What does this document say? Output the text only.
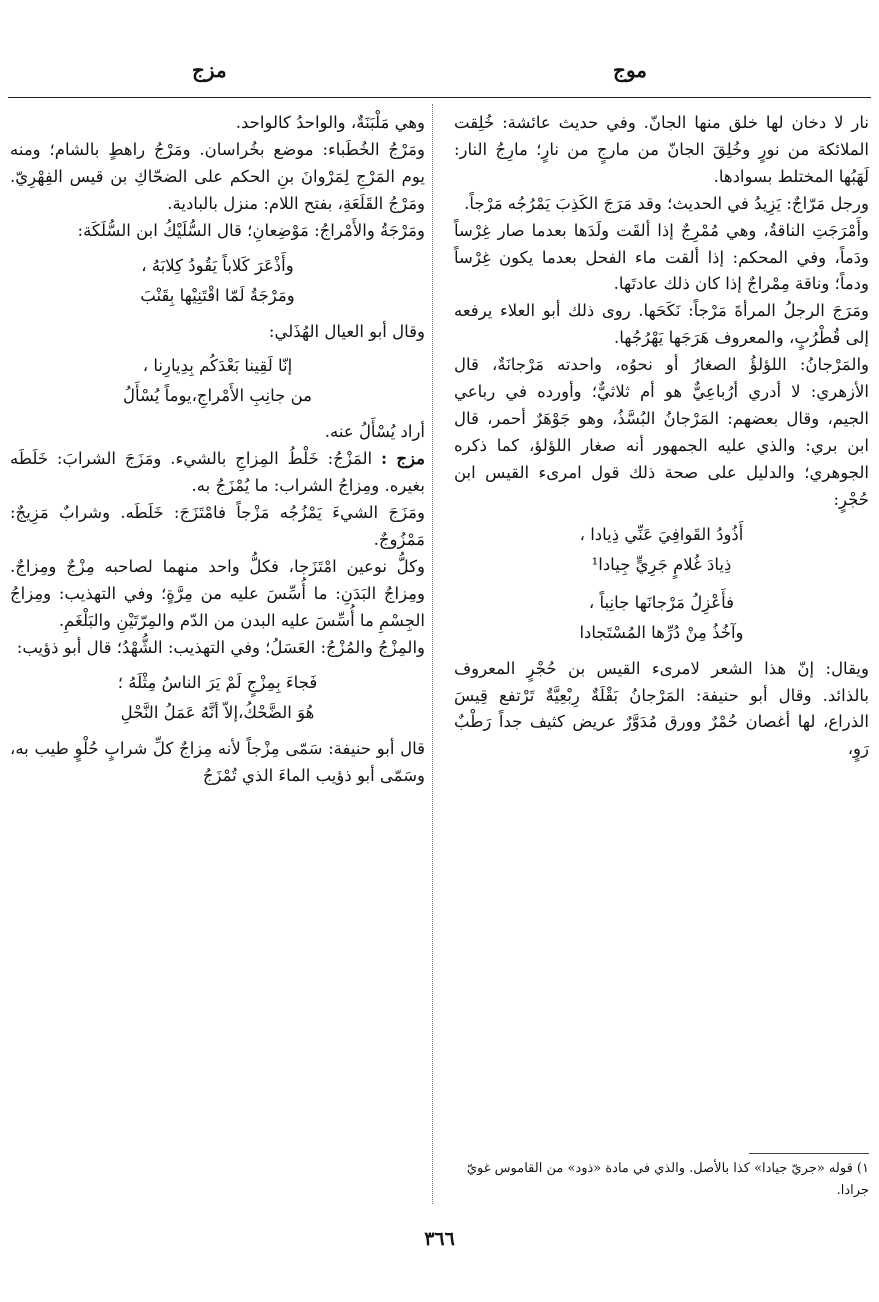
موج
مزج

نار لا دخان لها خلق منها الجانّ. وفي حديث عائشة: خُلِقت الملائكة من نورٍ وخُلِقَ الجانّ من مارجٍ من نارٍ؛ مارِجُ النار: لَهَبُها المختلط بسوادها.

ورجل مَرّاجٌ: يَزِيدُ في الحديث؛ وقد مَرَجَ الكَذِبَ يَمْرُجُه مَرْجاً.

وأَمْرَجَتِ الناقةُ، وهي مُمْرِجٌ إذا ألقَت ولَدَها بعدما صار غِرْساً ودَماً، وفي المحكم: إذا ألقت ماء الفحل بعدما يكون غِرْساً ودماً؛ وناقة مِمْراجٌ إذا كان ذلك عادتَها.

ومَرَجَ الرجلُ المرأةَ مَرْجاً: نَكَحَها. روى ذلك أبو العلاء يرفعه إلى قُطْرُبٍ، والمعروف هَرَجَها يَهْرُجُها.

والمَرْجانُ: اللؤلؤُ الصغارُ أو نحوُه، واحدته مَرْجانَةٌ، قال الأزهري: لا أدري أرُباعِيٌّ هو أم ثلاثيٌّ؛ وأورده في رباعي الجيم، وقال بعضهم: المَرْجانُ البُسَّذُ، وهو جَوْهَرٌ أحمر، قال ابن بري: والذي عليه الجمهور أنه صغار اللؤلؤ، كما ذكره الجوهري؛ والدليل على صحة ذلك قول امرىء القيس ابن حُجْرٍ:

أَذُودُ القَوافِيَ عَنِّي ذِيادا ،
ذِيادَ غُلامٍ جَرِيٍّ جِيادا¹
فأَعْزِلُ مَرْجانَها جانِباً ،
وآخُذُ مِنْ دُرِّها المُسْتَجادا

ويقال: إنّ هذا الشعر لامرىء القيس بن حُجْرٍ المعروف بالذائد. وقال أبو حنيفة: المَرْجانُ بَقْلَةٌ رِبْعِيَّةٌ تَرْتفع قِيسَ الذراع، لها أغصان حُمْرٌ وورق مُدَوَّرٌ عريض كثيف جداً رَطْبٌ رَوٍ،

١) قوله «جريّ جيادا» كذا بالأصل. والذي في مادة «ذود» من القاموس غويّ جرادا.

وهي مَلْبَنَةٌ، والواحدُ كالواحد.

ومَرْجُ الخُطَباء: موضع بخُراسان. ومَرْجُ راهطٍ بالشام؛ ومنه يوم المَرْجِ لِمَرْوانَ بنِ الحكم على الضحّاكِ بن قيس الفِهْرِيّ. ومَرْجُ القَلَعَةِ، بفتح اللام: منزل بالبادية.

ومَرْجَةُ والأَمْراجُ: مَوْضِعانِ؛ قال السُّلَيْكُ ابن السُّلَكَة:

وأَذْعَرَ كَلاباً يَقُودُ كِلابَهُ ،
ومَرْجَةُ لَمّا اقْتَنِيْها بِقَنْبَ

وقال أبو العيال الهُذَلي:

إنّا لَقِينا بَعْدَكُم بِدِيارِنا ،
من جانِبِ الأَمْراجِ،يوماً يُسْأَلُ

أراد يُسْأَلُ عنه.

مزج : المَزْجُ: خَلْطُ المِزاجِ بالشيء. ومَزَجَ الشرابَ: خَلَطَه بغيره. ومِزاجُ الشراب: ما يُمْزَجُ به.

ومَزَجَ الشيءَ يَمْزُجُه مَزْجاً فامْتَزَجَ: خَلَطَه. وشرابٌ مَزِيجٌ: مَمْزُوجٌ.

وكلُّ نوعين امْتَزَجا، فكلُّ واحد منهما لصاحبه مِزْجٌ ومِزاجٌ. ومِزاجُ البَدَنِ: ما أُسِّسَ عليه من مِرَّةٍ؛ وفي التهذيب: ومِزاجُ الجِسْمِ ما أُسِّسَ عليه البدن من الدّم والمِرّتَيْنِ والبَلْغَمِ.

والمِزْجُ والمُزْجُ: العَسَلُ؛ وفي التهذيب: الشُّهْدُ؛ قال أبو ذؤيب:

فَجاءَ بِمِزْجٍ لَمْ يَرَ الناسُ مِثْلَهُ ؛
هُوَ الضَّحْكُ،إلاّ أنَّهُ عَمَلُ النَّحْلِ

قال أبو حنيفة: سَمّى مِزْجاً لأنه مِزاجٌ كلِّ شرابٍ حُلْوٍ طيب به، وسَمّى أبو ذؤيب الماءَ الذي تُمْزَجُ

٣٦٦
